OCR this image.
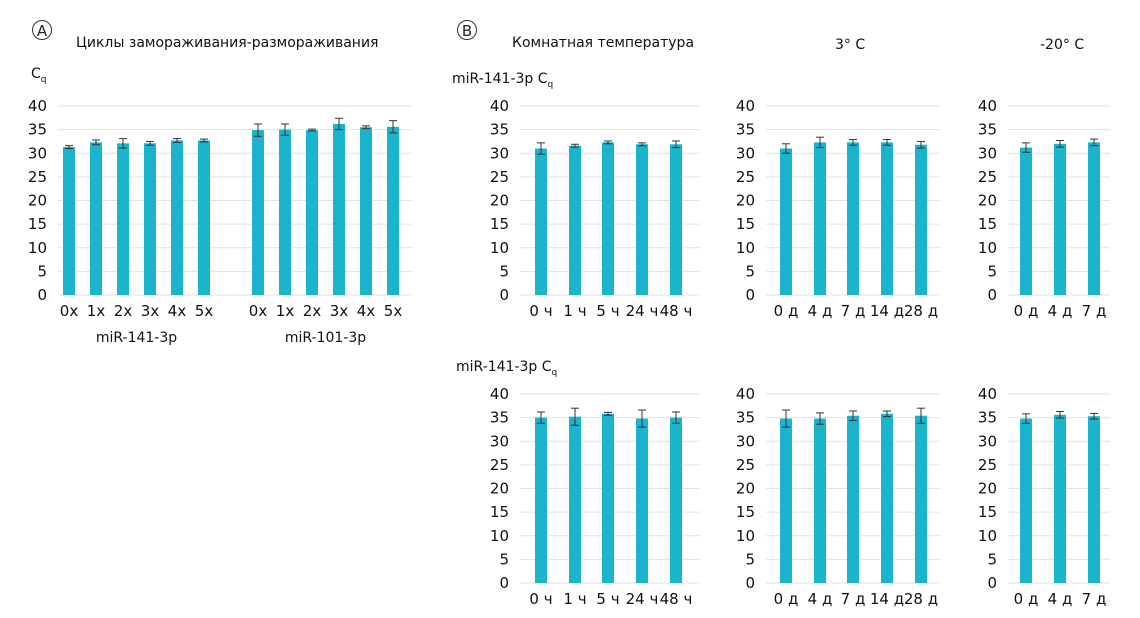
A
Циклы замораживания-размораживания
$C_q$
B
Комнатная температура	3° C	-20° C
miR-141-3p $C_q$
miR-141-3p $C_q$
0
5
10
15
20
25
30
35
40
0x 1x 2x 3x 4x 5x 0x 1x 2x 3x 4x 5x
miR-141-3p	miR-101-3p
0
5
10
15
20
25
30
35
40
0 ч 1 ч 5 ч 24 ч 48 ч
0
5
10
15
20
25
30
35
40
0 д 4 д 7 д 14 д 28 д
0
5
10
15
20
25
30
35
40
0 д 4 д 7 д
0
5
10
15
20
25
30
35
40
0 ч 1 ч 5 ч 24 ч 48 ч
0
5
10
15
20
25
30
35
40
0 д 4 д 7 д 14 д 28 д
0
5
10
15
20
25
30
35
40
0 д 4 д 7 д
